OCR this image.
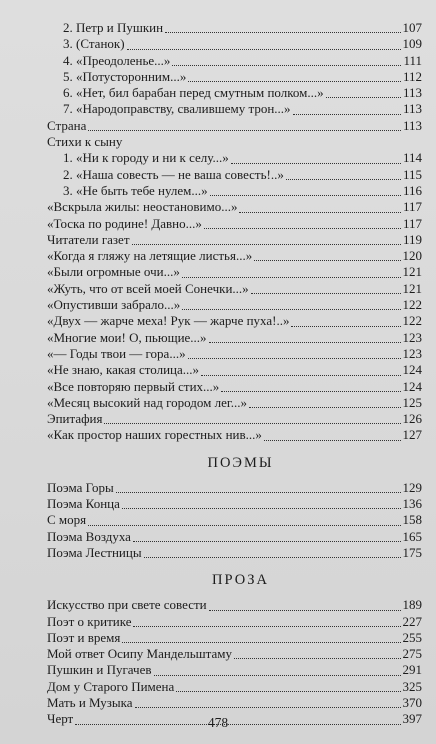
2. Петр и Пушкин	107
3. (Станок)	109
4. «Преодоленье...»	111
5. «Потусторонним...»	112
6. «Нет, бил барабан перед смутным полком...»	113
7. «Народоправству, свалившему трон...»	113
Страна	113
Стихи к сыну
1. «Ни к городу и ни к селу...»	114
2. «Наша совесть — не ваша совесть!..»	115
3. «Не быть тебе нулем...»	116
«Вскрыла жилы: неостановимо...»	117
«Тоска по родине! Давно...»	117
Читатели газет	119
«Когда я гляжу на летящие листья...»	120
«Были огромные очи...»	121
«Жуть, что от всей моей Сонечки...»	121
«Опустивши забрало...»	122
«Двух — жарче меха! Рук — жарче пуха!..»	122
«Многие мои! О, пьющие...»	123
«— Годы твои — гора...»	123
«Не знаю, какая столица...»	124
«Все повторяю первый стих...»	124
«Месяц высокий над городом лег...»	125
Эпитафия	126
«Как простор наших горестных нив...»	127
ПОЭМЫ
Поэма Горы	129
Поэма Конца	136
С моря	158
Поэма Воздуха	165
Поэма Лестницы	175
ПРОЗА
Искусство при свете совести	189
Поэт о критике	227
Поэт и время	255
Мой ответ Осипу Мандельштаму	275
Пушкин и Пугачев	291
Дом у Старого Пимена	325
Мать и Музыка	370
Черт	397
478
